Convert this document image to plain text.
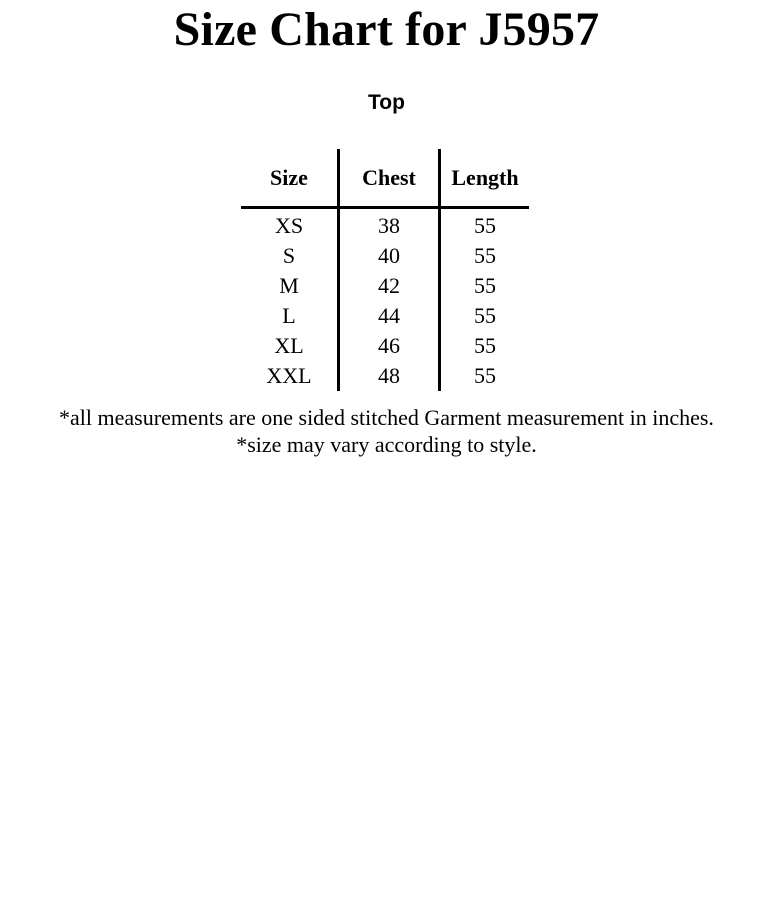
Size Chart for J5957
Top
Size	Chest	Length
XS	38	55
S	40	55
M	42	55
L	44	55
XL	46	55
XXL	48	55

*all measurements are one sided stitched Garment measurement in inches.

*size may vary according to style.
